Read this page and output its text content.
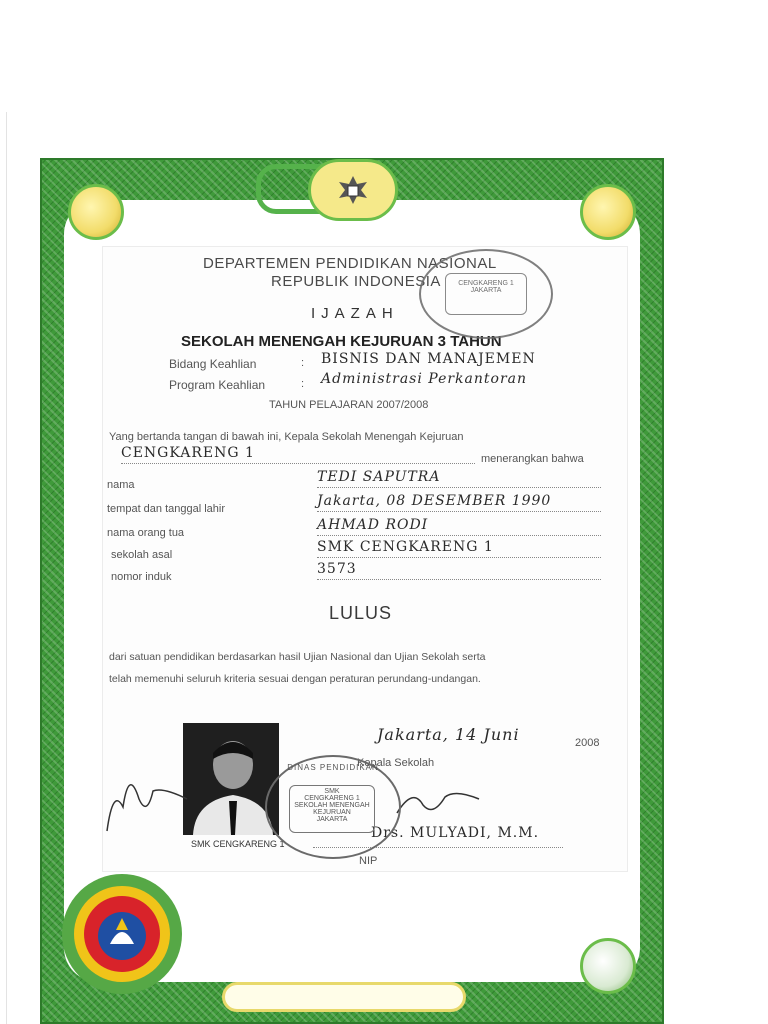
DEPARTEMEN PENDIDIKAN NASIONAL
REPUBLIK INDONESIA
IJAZAH
SEKOLAH MENENGAH KEJURUAN 3 TAHUN
Bidang Keahlian	: BISNIS DAN MANAJEMEN
Program Keahlian	: Administrasi Perkantoran
TAHUN PELAJARAN 2007/2008
Yang bertanda tangan di bawah ini, Kepala Sekolah Menengah Kejuruan
CENGKARENG 1	menerangkan bahwa
nama	TEDI SAPUTRA
tempat dan tanggal lahir	Jakarta, 08 DESEMBER 1990
nama orang tua	AHMAD RODI
sekolah asal	SMK CENGKARENG 1
nomor induk	3573
LULUS
dari satuan pendidikan berdasarkan hasil Ujian Nasional dan Ujian Sekolah serta
telah memenuhi seluruh kriteria sesuai dengan peraturan perundang-undangan.
Jakarta, 14 Juni	2008
Kepala Sekolah
SMK CENGKARENG 1
Drs. MULYADI, M.M.
NIP
DINAS PENDIDIKAN
SMK
CENGKARENG 1
SEKOLAH MENENGAH
KEJURUAN
JAKARTA
CENGKARENG 1
JAKARTA
